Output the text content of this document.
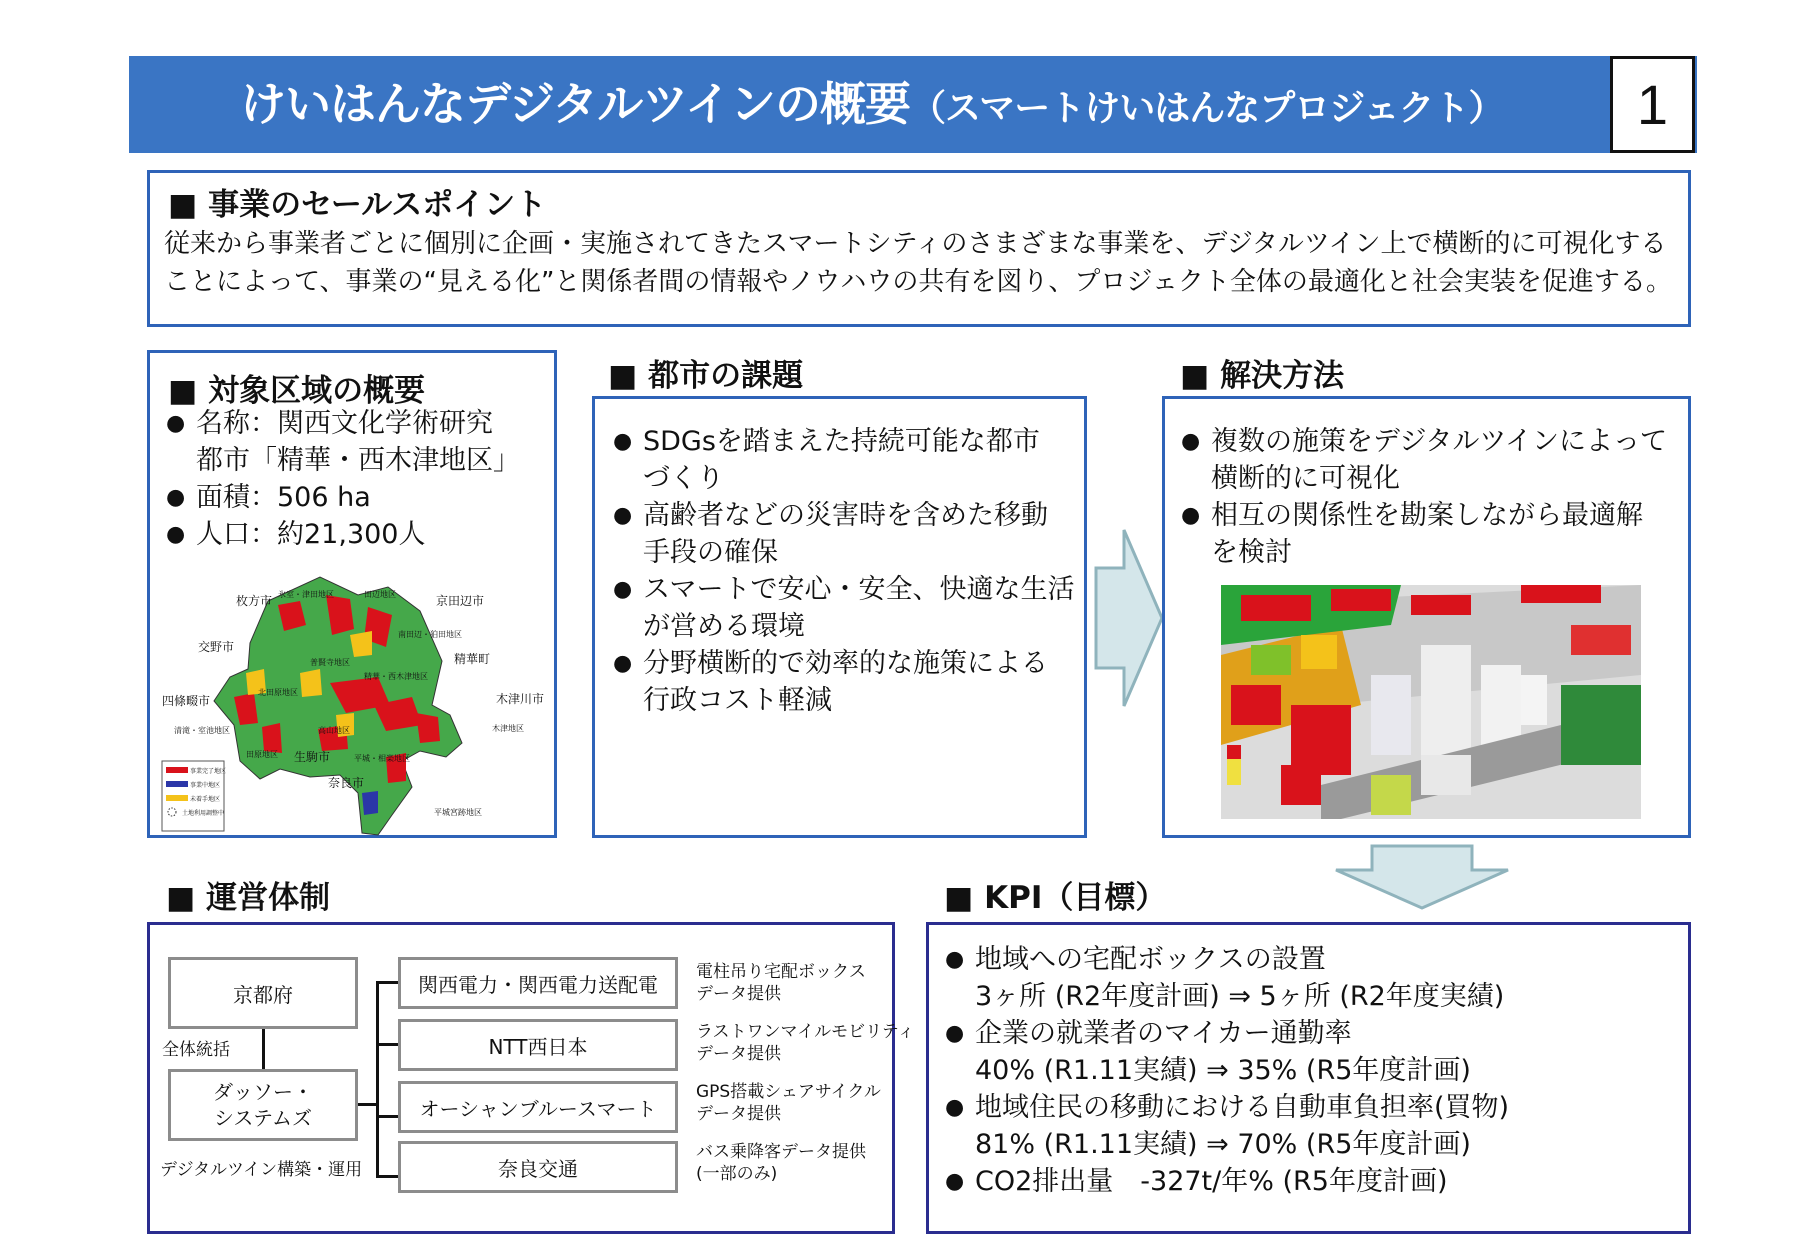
けいはんなデジタルツインの概要（スマートけいはんなプロジェクト）	1
■ 事業のセールスポイント
従来から事業者ごとに個別に企画・実施されてきたスマートシティのさまざまな事業を、デジタルツイン上で横断的に可視化する
ことによって、事業の“見える化”と関係者間の情報やノウハウの共有を図り、プロジェクト全体の最適化と社会実装を促進する。
■ 対象区域の概要
● 名称：関西文化学術研究
都市「精華・西木津地区」
● 面積：506 ha
● 人口：約21,300人
枚方市 氷室・津田地区	田辺地区	京田辺市
交野市
南田辺・狛田地区
普賢寺地区	精華町
精華・西木津地区
四條畷市
北田原地区	木津川市
清滝・室池地区	高山地区	木津地区
田原地区 生駒市	平城・相楽地区
奈良市
平城宮跡地区
事業完了地区
事業中地区
未着手地区
土地利用調整中
■ 都市の課題
● SDGsを踏まえた持続可能な都市
づくり
● 高齢者などの災害時を含めた移動
手段の確保
● スマートで安心・安全、快適な生活
が営める環境
● 分野横断的で効率的な施策による
行政コスト軽減
■ 解決方法
● 複数の施策をデジタルツインによって
横断的に可視化
● 相互の関係性を勘案しながら最適解
を検討
■ 運営体制
京都府
全体統括
ダッソー・
システムズ
デジタルツイン構築・運用
関西電力・関西電力送配電
NTT西日本
オーシャンブルースマート
奈良交通
電柱吊り宅配ボックス
データ提供
ラストワンマイルモビリティ
データ提供
GPS搭載シェアサイクル
データ提供
バス乗降客データ提供
(一部のみ)
■ KPI（目標）
● 地域への宅配ボックスの設置
3ヶ所 (R2年度計画) ⇒ 5ヶ所 (R2年度実績)
● 企業の就業者のマイカー通勤率
40% (R1.11実績) ⇒ 35% (R5年度計画)
● 地域住民の移動における自動車負担率(買物)
81% (R1.11実績) ⇒ 70% (R5年度計画)
● CO2排出量　-327t/年% (R5年度計画)
